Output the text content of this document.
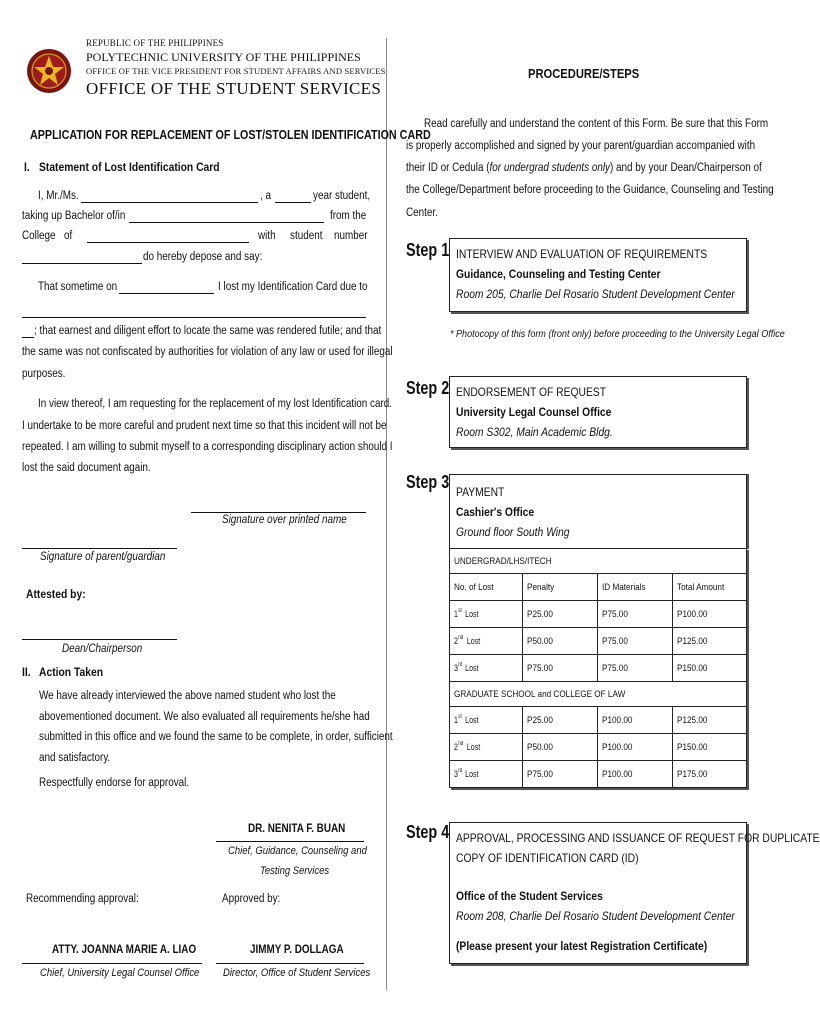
REPUBLIC OF THE PHILIPPINES
POLYTECHNIC UNIVERSITY OF THE PHILIPPINES
OFFICE OF THE VICE PRESIDENT FOR STUDENT AFFAIRS AND SERVICES
OFFICE OF THE STUDENT SERVICES
APPLICATION FOR REPLACEMENT OF LOST/STOLEN IDENTIFICATION CARD
I. Statement of Lost Identification Card
I, Mr./Ms.	, a	year student,
taking up Bachelor of/in	from the
College of	with student number
do hereby depose and say:
That sometime on	I lost my Identification Card due to
; that earnest and diligent effort to locate the same was rendered futile; and that
the same was not confiscated by authorities for violation of any law or used for illegal
purposes.
In view thereof, I am requesting for the replacement of my lost Identification card.
I undertake to be more careful and prudent next time so that this incident will not be
repeated. I am willing to submit myself to a corresponding disciplinary action should I
lost the said document again.
Signature over printed name
Signature of parent/guardian
Attested by:
Dean/Chairperson
II. Action Taken
We have already interviewed the above named student who lost the
abovementioned document. We also evaluated all requirements he/she had
submitted in this office and we found the same to be complete, in order, sufficient
and satisfactory.
Respectfully endorse for approval.
DR. NENITA F. BUAN
Chief, Guidance, Counseling and
Testing Services
Recommending approval:	Approved by:
ATTY. JOANNA MARIE A. LIAO
Chief, University Legal Counsel Office
JIMMY P. DOLLAGA
Director, Office of Student Services
PROCEDURE/STEPS
Read carefully and understand the content of this Form. Be sure that this Form
is properly accomplished and signed by your parent/guardian accompanied with
their ID or Cedula (for undergrad students only) and by your Dean/Chairperson of
the College/Department before proceeding to the Guidance, Counseling and Testing
Center.
Step 1 INTERVIEW AND EVALUATION OF REQUIREMENTS
Guidance, Counseling and Testing Center
Room 205, Charlie Del Rosario Student Development Center
* Photocopy of this form (front only) before proceeding to the University Legal Office
Step 2 ENDORSEMENT OF REQUEST
University Legal Counsel Office
Room S302, Main Academic Bldg.
Step 3 PAYMENT
Cashier's Office
Ground floor South Wing
UNDERGRAD/LHS/ITECH			
No. of Lost	Penalty	ID Materials	Total Amount
1st Lost	P25.00	P75.00	P100.00
2nd Lost	P50.00	P75.00	P125.00
3rd Lost	P75.00	P75.00	P150.00
GRADUATE SCHOOL and COLLEGE OF LAW			
1st Lost	P25.00	P100.00	P125.00
2nd Lost	P50.00	P100.00	P150.00
3rd Lost	P75.00	P100.00	P175.00
Step 4 APPROVAL, PROCESSING AND ISSUANCE OF REQUEST FOR DUPLICATE
COPY OF IDENTIFICATION CARD (ID)
Office of the Student Services
Room 208, Charlie Del Rosario Student Development Center
(Please present your latest Registration Certificate)
